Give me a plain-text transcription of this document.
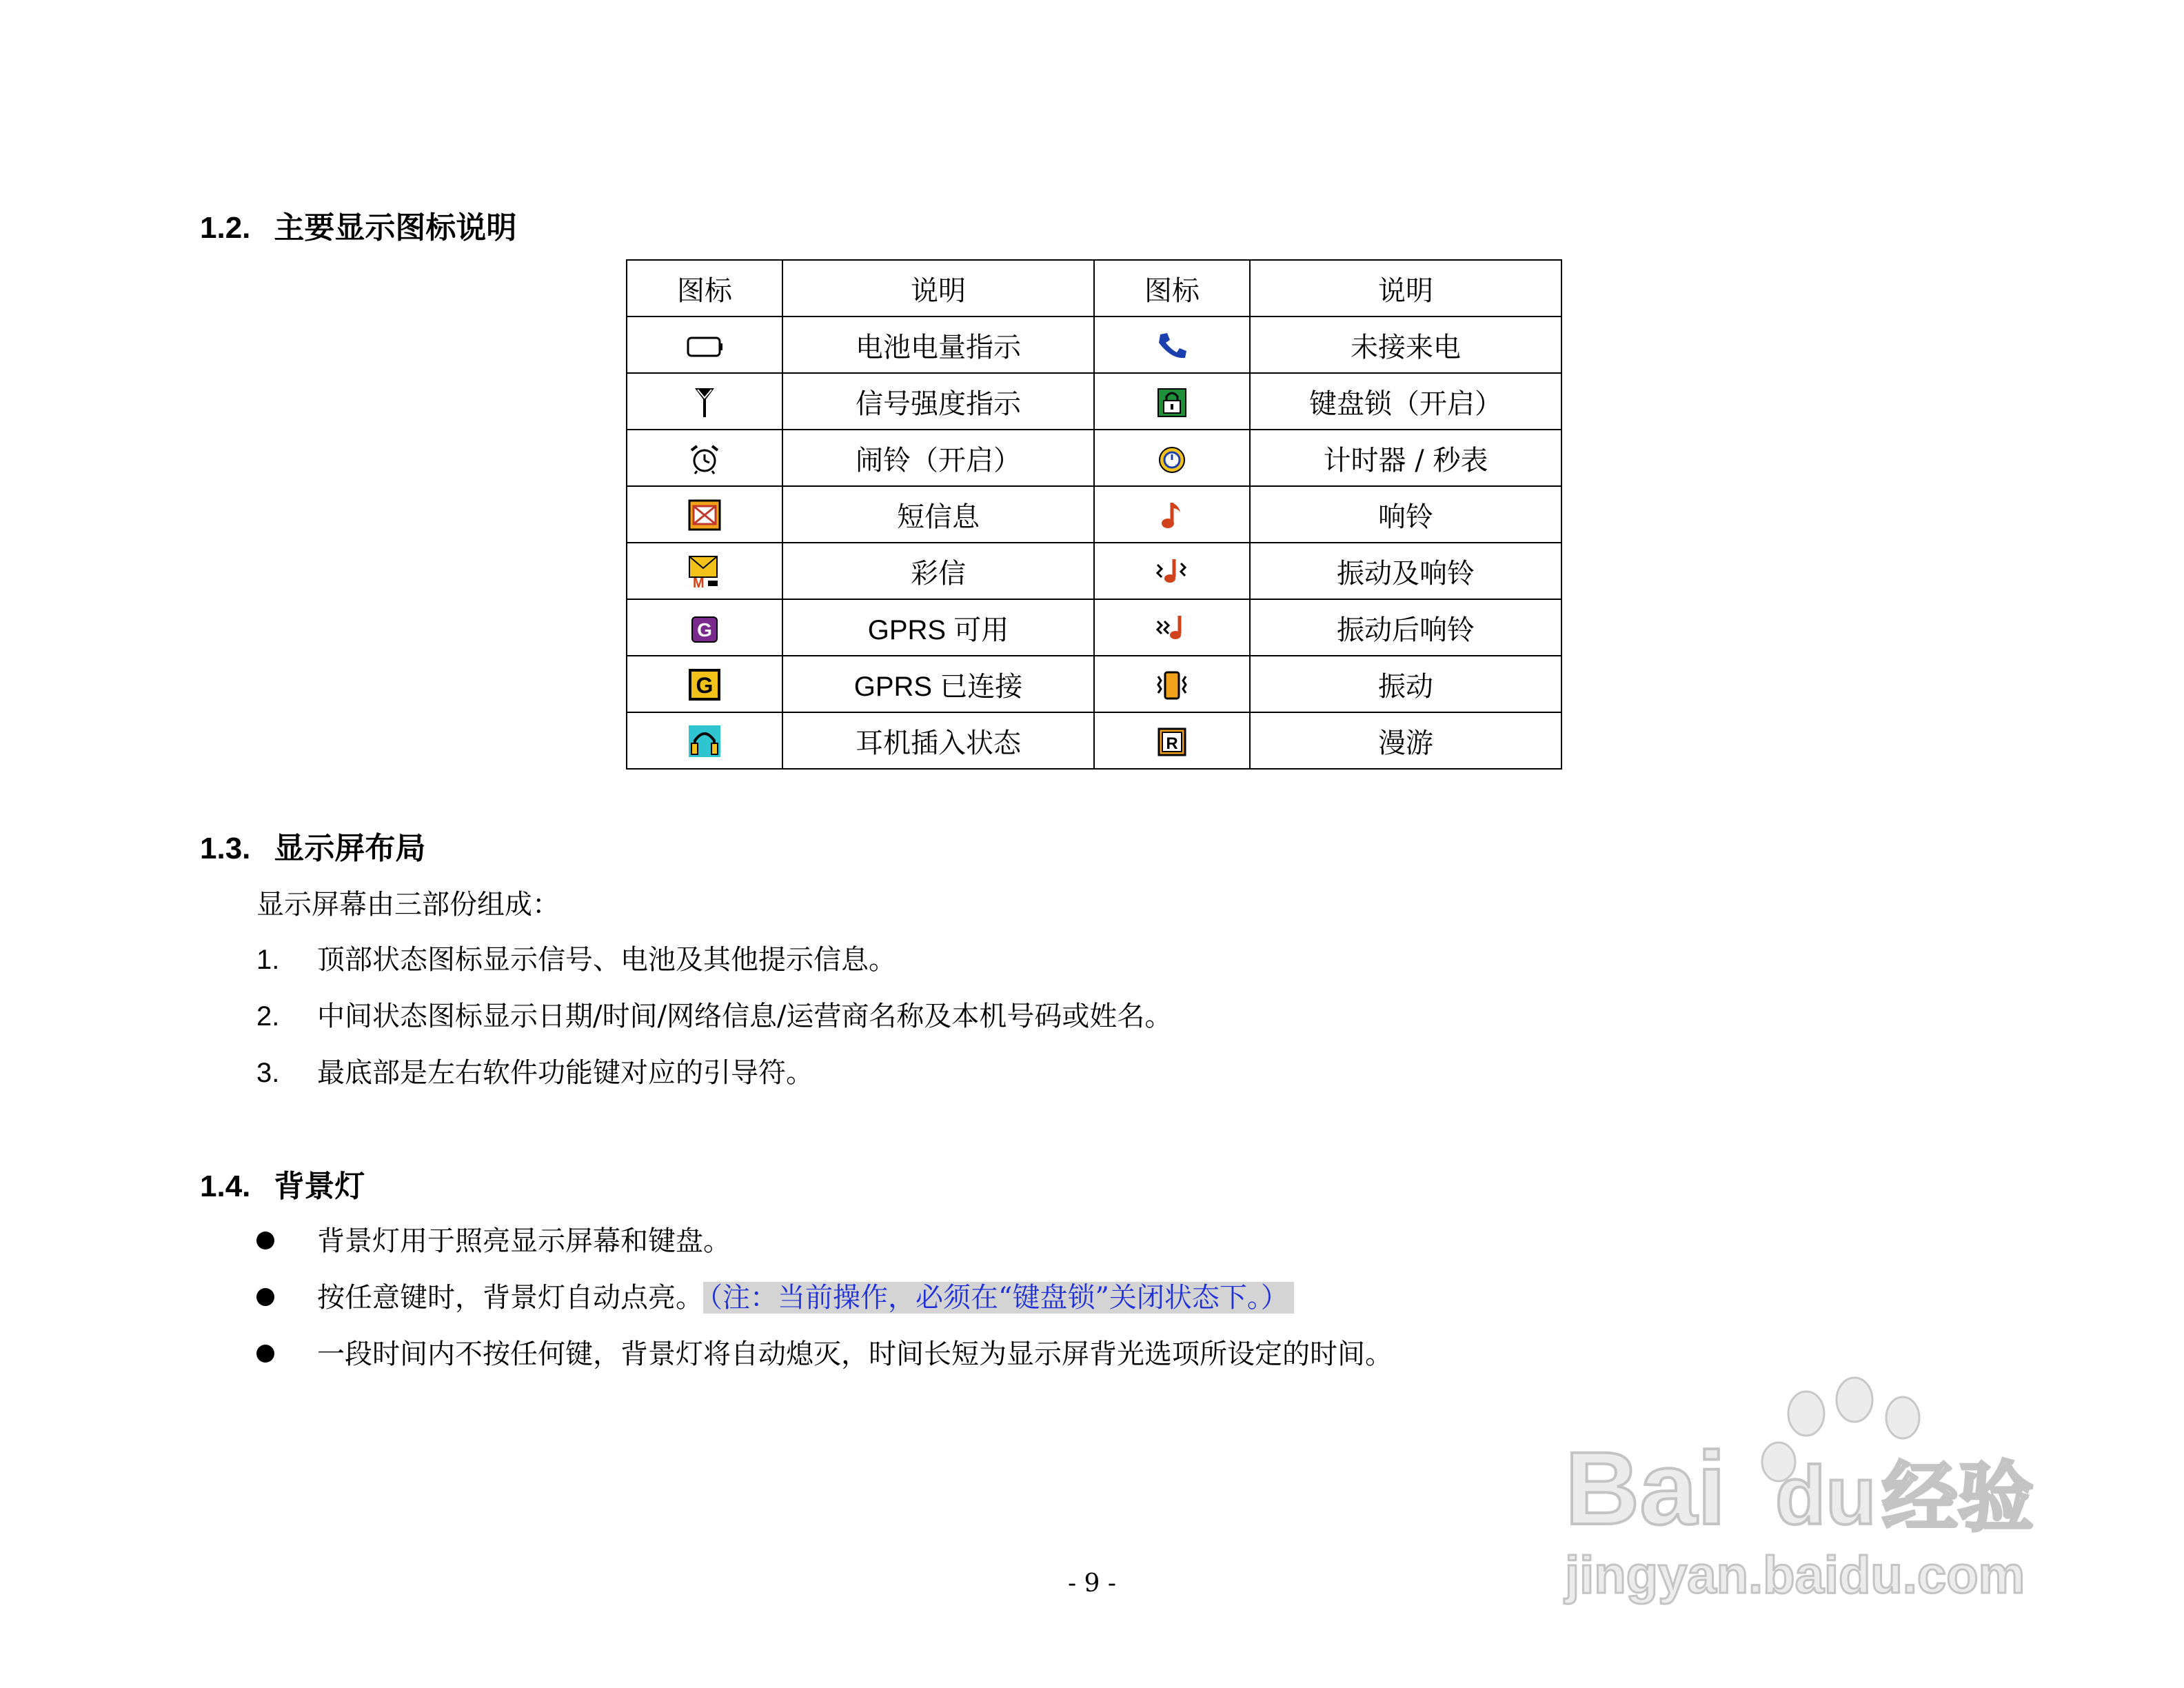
1.2. 主要显示图标说明
图标	说明	图标	说明
	电池电量指示		未接来电
	信号强度指示		键盘锁（开启）
	闹铃（开启）		计时器 / 秒表
	短信息		响铃

M	彩信		振动及响铃

G	GPRS 可用		振动后响铃

G	GPRS 已连接		振动
	耳机插入状态	R	漫游
1.3. 显示屏布局
显示屏幕由三部份组成：
1. 顶部状态图标显示信号、电池及其他提示信息。
2. 中间状态图标显示日期/时间/网络信息/运营商名称及本机号码或姓名。
3. 最底部是左右软件功能键对应的引导符。
1.4. 背景灯
背景灯用于照亮显示屏幕和键盘。
按任意键时，背景灯自动点亮。 （注：当前操作，必须在“键盘锁”关闭状态下。）
一段时间内不按任何键，背景灯将自动熄灭，时间长短为显示屏背光选项所设定的时间。
Bai du 经验
jingyan.baidu.com
- 9 -
